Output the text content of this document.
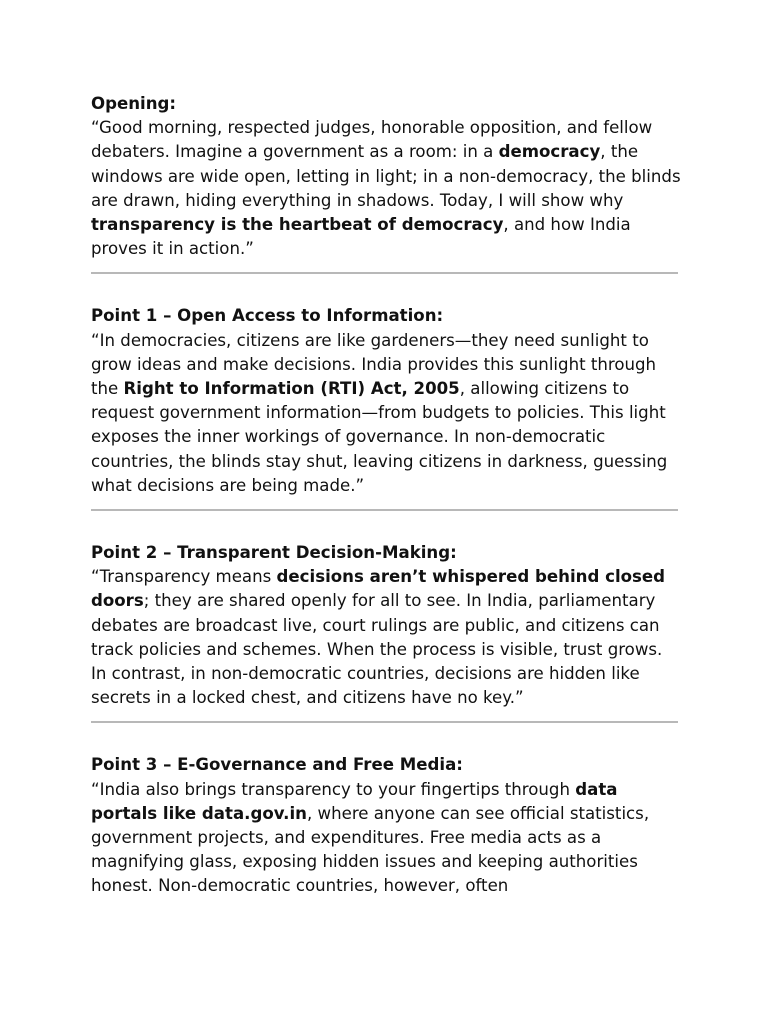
Opening:
“Good morning, respected judges, honorable opposition, and fellow debaters. Imagine a government as a room: in a democracy, the windows are wide open, letting in light; in a non-democracy, the blinds are drawn, hiding everything in shadows. Today, I will show why transparency is the heartbeat of democracy, and how India proves it in action.”
Point 1 – Open Access to Information:
“In democracies, citizens are like gardeners—they need sunlight to grow ideas and make decisions. India provides this sunlight through the Right to Information (RTI) Act, 2005, allowing citizens to request government information—from budgets to policies. This light exposes the inner workings of governance. In non-democratic countries, the blinds stay shut, leaving citizens in darkness, guessing what decisions are being made.”
Point 2 – Transparent Decision-Making:
“Transparency means decisions aren’t whispered behind closed doors; they are shared openly for all to see. In India, parliamentary debates are broadcast live, court rulings are public, and citizens can track policies and schemes. When the process is visible, trust grows. In contrast, in non-democratic countries, decisions are hidden like secrets in a locked chest, and citizens have no key.”
Point 3 – E-Governance and Free Media:
“India also brings transparency to your fingertips through data portals like data.gov.in, where anyone can see official statistics, government projects, and expenditures. Free media acts as a magnifying glass, exposing hidden issues and keeping authorities honest. Non-democratic countries, however, often
